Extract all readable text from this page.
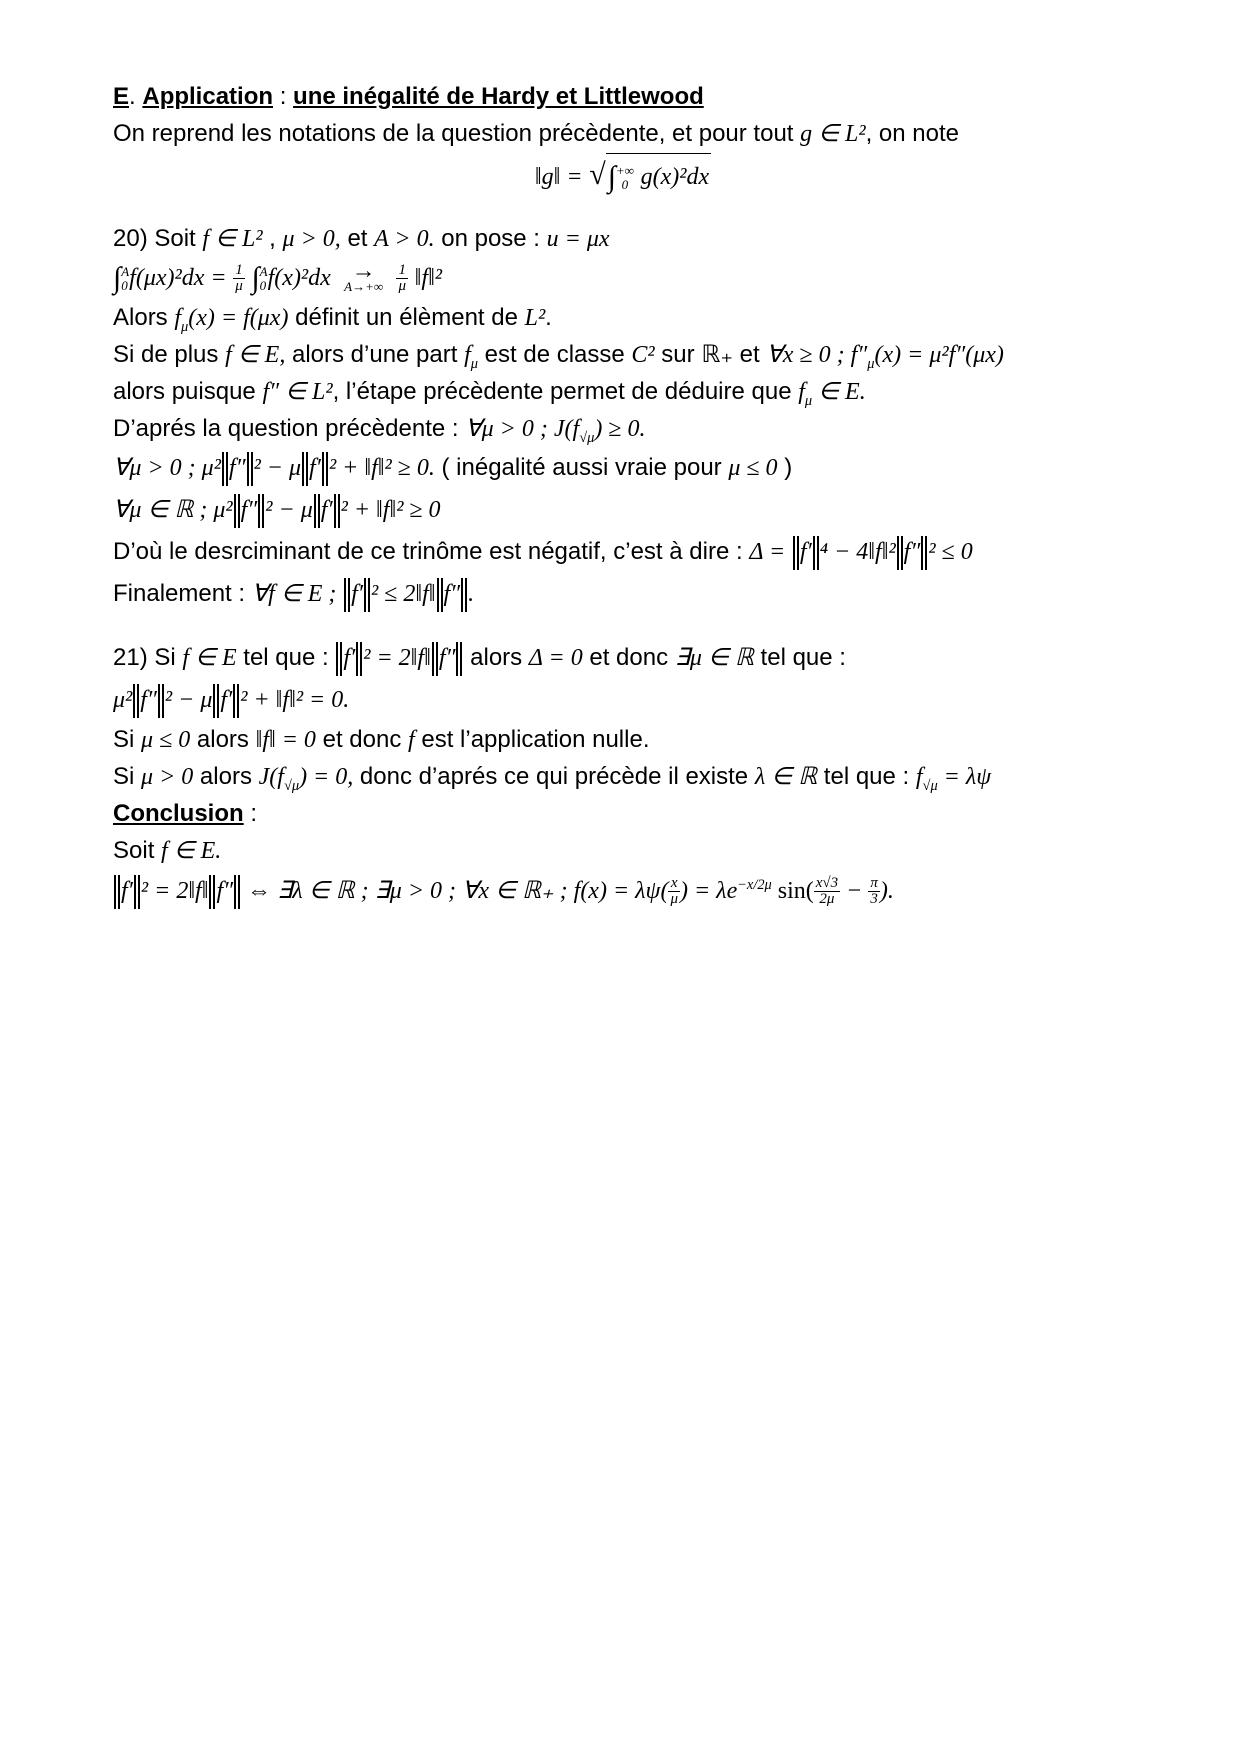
E. Application : une inégalité de Hardy et Littlewood
On reprend les notations de la question précèdente, et pour tout g ∈ L², on note
‖g‖ = √∫ +∞
0 g(x)²dx
20) Soit f ∈ L² , μ > 0, et A > 0. on pose : u = μx
∫ A
0 $f(\mu x)^2dx = \frac{1}{\mu}$ ∫ A
0 f(x)²dx →
A→+∞
$\frac{1}{\mu}$ ‖f‖²
Alors $f_\mu(x) = f(\mu x)$ définit un élèment de L².
Si de plus f ∈ E, alors d’une part $f_\mu$ est de classe C² sur ℝ₊ et ∀x ≥ 0 ; $f''_\mu(x) = \mu^2f''(\mu x)$
alors puisque f″ ∈ L², l’étape précèdente permet de déduire que $f_\mu$ ∈ E.
D’aprés la question précèdente : ∀μ > 0 ; $J(f_{√\mu}) \ge 0$.
∀μ > 0 ; μ²‖f″‖² − μ‖f′‖² + ‖f‖² ≥ 0. ( inégalité aussi vraie pour μ ≤ 0 )
∀μ ∈ ℝ ; μ²‖f″‖² − μ‖f′‖² + ‖f‖² ≥ 0
D’où le desrciminant de ce trinôme est négatif, c’est à dire : Δ = ‖f′‖⁴ − 4‖f‖²‖f″‖² ≤ 0
Finalement : ∀f ∈ E ; ‖f′‖² ≤ 2‖f‖ f″‖.
21) Si f ∈ E tel que : ‖f′‖² = 2‖f‖ f″‖ alors Δ = 0 et donc ∃μ ∈ ℝ tel que :
μ²‖f″‖² − μ‖f′‖² + ‖f‖² = 0.
Si μ ≤ 0 alors ‖f‖ = 0 et donc f est l’application nulle.
Si μ > 0 alors $J(f_{√\mu}) = 0$, donc d’aprés ce qui précède il existe λ ∈ ℝ tel que : $f_{√\mu} = \lambda\psi$
Conclusion :
Soit f ∈ E.
‖f′‖² = 2‖f‖ f″‖ ⇔ ∃λ ∈ ℝ ; ∃μ > 0 ; ∀x ∈ ℝ₊ ; $f(x) = \lambda\psi( \frac{x}{\mu}$ ) = $\lambda e^{-x/2\mu}$ $\sin( \frac{x√3}{2\mu} - \frac{\pi}{3}$ ).
